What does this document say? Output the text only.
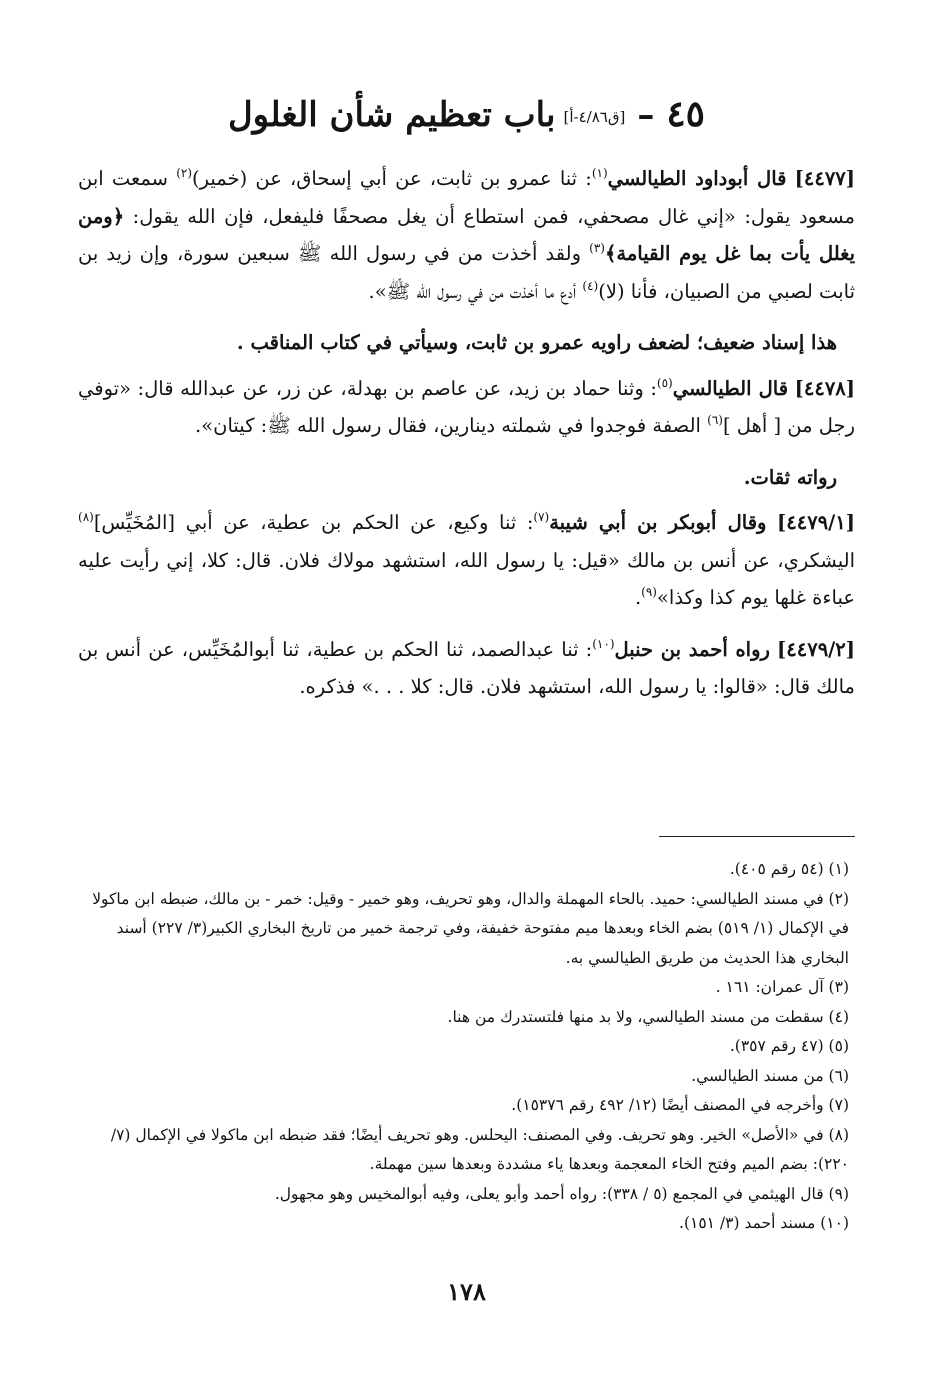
٤٥–[ق٤/٨٦-أ]باب تعظيم شأن الغلول

[٤٤٧٧] قال أبوداود الطيالسي$^{(١)}$: ثنا عمرو بن ثابت، عن أبي إسحاق، عن (خمير)$^{(٢)}$ سمعت ابن مسعود يقول: «إني غال مصحفي، فمن استطاع أن يغل مصحفًا فليفعل، فإن الله يقول: ﴿ومن يغلل يأت بما غل يوم القيامة﴾$^{(٣)}$ ولقد أخذت من في رسول الله ﷺ سبعين سورة، وإن زيد بن ثابت لصبي من الصبيان، فأنا (لا)$^{(٤)}$ أدع ما أخذت من في رسول الله ﷺ».

هذا إسناد ضعيف؛ لضعف راويه عمرو بن ثابت، وسيأتي في كتاب المناقب .

[٤٤٧٨] قال الطيالسي$^{(٥)}$: وثنا حماد بن زيد، عن عاصم بن بهدلة، عن زر، عن عبدالله قال: «توفي رجل من [ أهل ]$^{(٦)}$ الصفة فوجدوا في شملته دينارين، فقال رسول الله ﷺ: كيتان».

رواته ثقات.

[٤٤٧٩/١] وقال أبوبكر بن أبي شيبة$^{(٧)}$: ثنا وكيع، عن الحكم بن عطية، عن أبي [المُخَيِّس]$^{(٨)}$ اليشكري، عن أنس بن مالك «قيل: يا رسول الله، استشهد مولاك فلان. قال: كلا، إني رأيت عليه عباءة غلها يوم كذا وكذا»$^{(٩)}$.

[٤٤٧٩/٢] رواه أحمد بن حنبل$^{(١٠)}$: ثنا عبدالصمد، ثنا الحكم بن عطية، ثنا أبوالمُخَيِّس، عن أنس بن مالك قال: «قالوا: يا رسول الله، استشهد فلان. قال: كلا . . .» فذكره.

(١) (٥٤ رقم ٤٠٥).

(٢) في مسند الطيالسي: حميد. بالحاء المهملة والدال، وهو تحريف، وهو خمير - وقيل: خمر - بن مالك، ضبطه ابن ماكولا في الإكمال (١/ ٥١٩) بضم الخاء وبعدها ميم مفتوحة خفيفة، وفي ترجمة خمير من تاريخ البخاري الكبير(٣/ ٢٢٧) أسند البخاري هذا الحديث من طريق الطيالسي به.

(٣) آل عمران: ١٦١ .

(٤) سقطت من مسند الطيالسي، ولا بد منها فلتستدرك من هنا.

(٥) (٤٧ رقم ٣٥٧).

(٦) من مسند الطيالسي.

(٧) وأخرجه في المصنف أيضًا (١٢/ ٤٩٢ رقم ١٥٣٧٦).

(٨) في «الأصل» الخير. وهو تحريف. وفي المصنف: اليحلس. وهو تحريف أيضًا؛ فقد ضبطه ابن ماكولا في الإكمال (٧/ ٢٢٠): بضم الميم وفتح الخاء المعجمة وبعدها ياء مشددة وبعدها سين مهملة.

(٩) قال الهيثمي في المجمع (٥ / ٣٣٨): رواه أحمد وأبو يعلى، وفيه أبوالمخيس وهو مجهول.

(١٠) مسند أحمد (٣/ ١٥١).

١٧٨
